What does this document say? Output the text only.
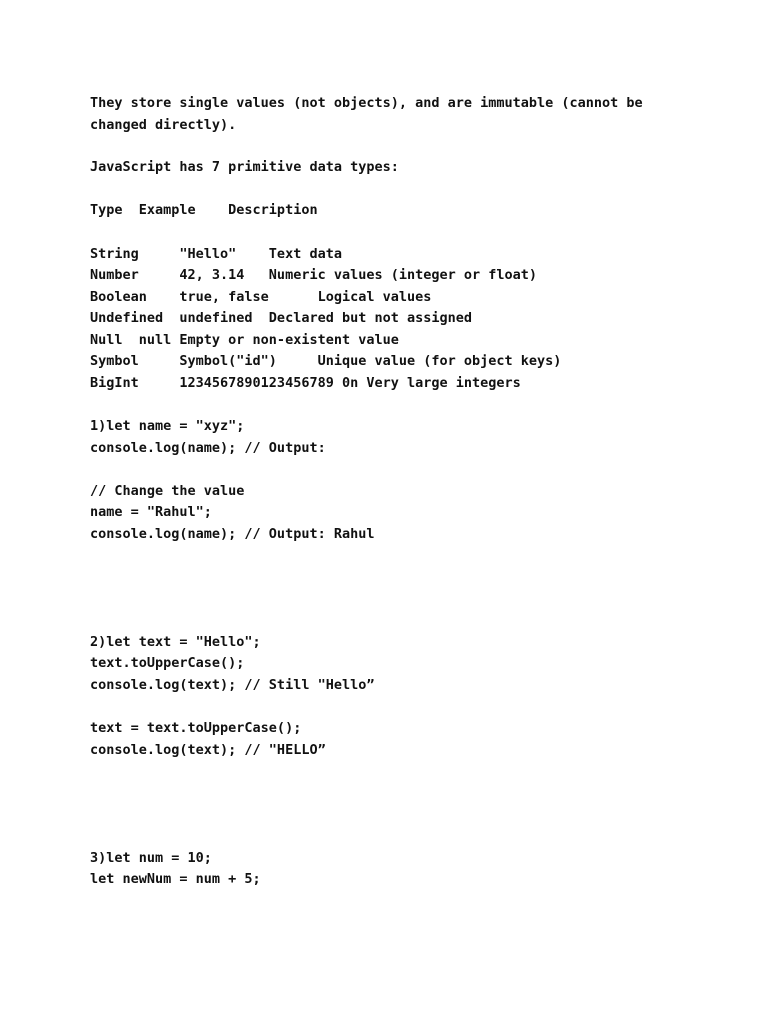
They store single values (not objects), and are immutable (cannot be
changed directly).
JavaScript has 7 primitive data types:
Type  Example    Description
String     "Hello"    Text data
Number     42, 3.14   Numeric values (integer or float)
Boolean    true, false      Logical values
Undefined  undefined  Declared but not assigned
Null  null Empty or non-existent value
Symbol     Symbol("id")     Unique value (for object keys)
BigInt     1234567890123456789 0n Very large integers
1)let name = "xyz";
console.log(name); // Output:
// Change the value
name = "Rahul";
console.log(name); // Output: Rahul
2)let text = "Hello";
text.toUpperCase();
console.log(text); // Still "Hello”
text = text.toUpperCase();
console.log(text); // "HELLO”
3)let num = 10;
let newNum = num + 5;
